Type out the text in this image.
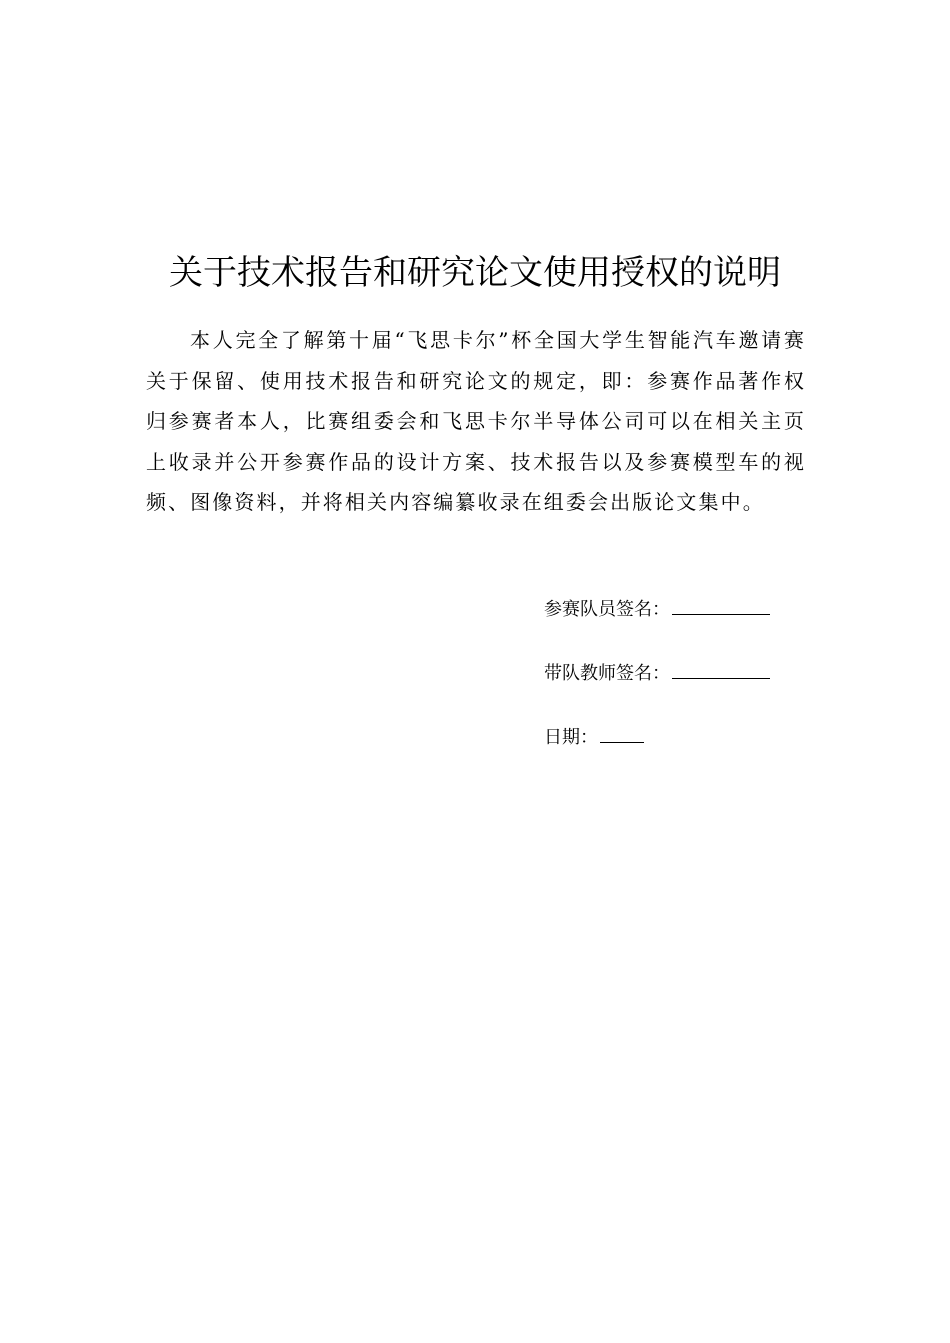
关于技术报告和研究论文使用授权的说明

本人完全了解第十届“飞思卡尔”杯全国大学生智能汽车邀请赛关于保留、使用技术报告和研究论文的规定，即：参赛作品著作权归参赛者本人，比赛组委会和飞思卡尔半导体公司可以在相关主页上收录并公开参赛作品的设计方案、技术报告以及参赛模型车的视频、图像资料，并将相关内容编纂收录在组委会出版论文集中。

参赛队员签名：
带队教师签名：
日期：
